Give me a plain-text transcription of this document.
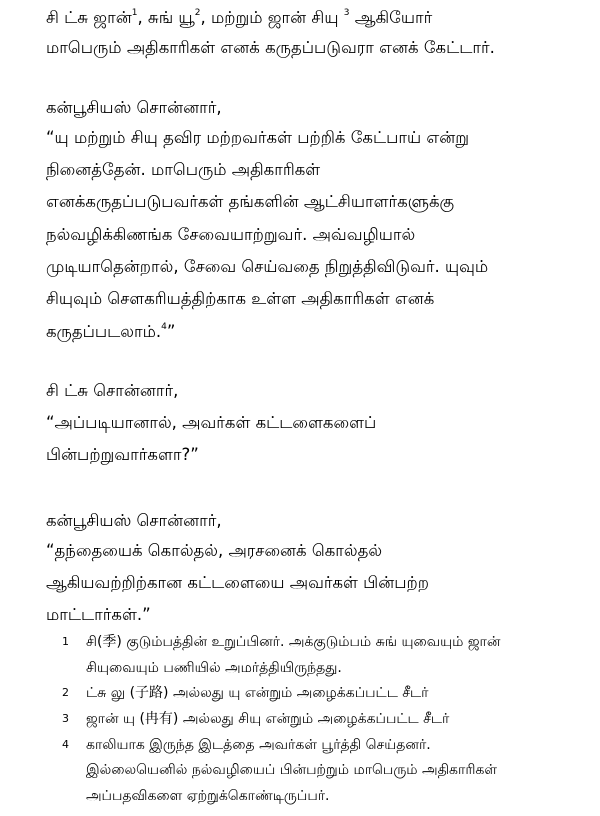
சி ட்சு ஜான்$^1$, சுங் யூ$^2$, மற்றும் ஜான் சியு $^3$ ஆகியோர்
மாபெரும் அதிகாரிகள் எனக் கருதப்படுவரா எனக் கேட்டார்.
கன்பூசியஸ் சொன்னார்,
“யு மற்றும் சியு தவிர மற்றவர்கள் பற்றிக் கேட்பாய் என்று
நினைத்தேன். மாபெரும் அதிகாரிகள்
எனக்கருதப்படுபவர்கள் தங்களின் ஆட்சியாளர்களுக்கு
நல்வழிக்கிணங்க சேவையாற்றுவர். அவ்வழியால்
முடியாதென்றால், சேவை செய்வதை நிறுத்திவிடுவர். யுவும்
சியுவும் சௌகரியத்திற்காக உள்ள அதிகாரிகள் எனக்
கருதப்படலாம்.$^4$”
சி ட்சு சொன்னார்,
“அப்படியானால், அவர்கள் கட்டளைகளைப்
பின்பற்றுவார்களா?”
கன்பூசியஸ் சொன்னார்,
“தந்தையைக் கொல்தல், அரசனைக் கொல்தல்
ஆகியவற்றிற்கான கட்டளையை அவர்கள் பின்பற்ற
மாட்டார்கள்.”
1 சி(季) குடும்பத்தின் உறுப்பினர். அக்குடும்பம் சுங் யுவையும் ஜான்
சியுவையும் பணியில் அமர்த்தியிருந்தது.
2 ட்சு லு (子路) அல்லது யு என்றும் அழைக்கப்பட்ட சீடர்
3 ஜான் யு (冉有) அல்லது சியு என்றும் அழைக்கப்பட்ட சீடர்
4 காலியாக இருந்த இடத்தை அவர்கள் பூர்த்தி செய்தனர்.
இல்லையெனில் நல்வழியைப் பின்பற்றும் மாபெரும் அதிகாரிகள்
அப்பதவிகளை ஏற்றுக்கொண்டிருப்பர்.
